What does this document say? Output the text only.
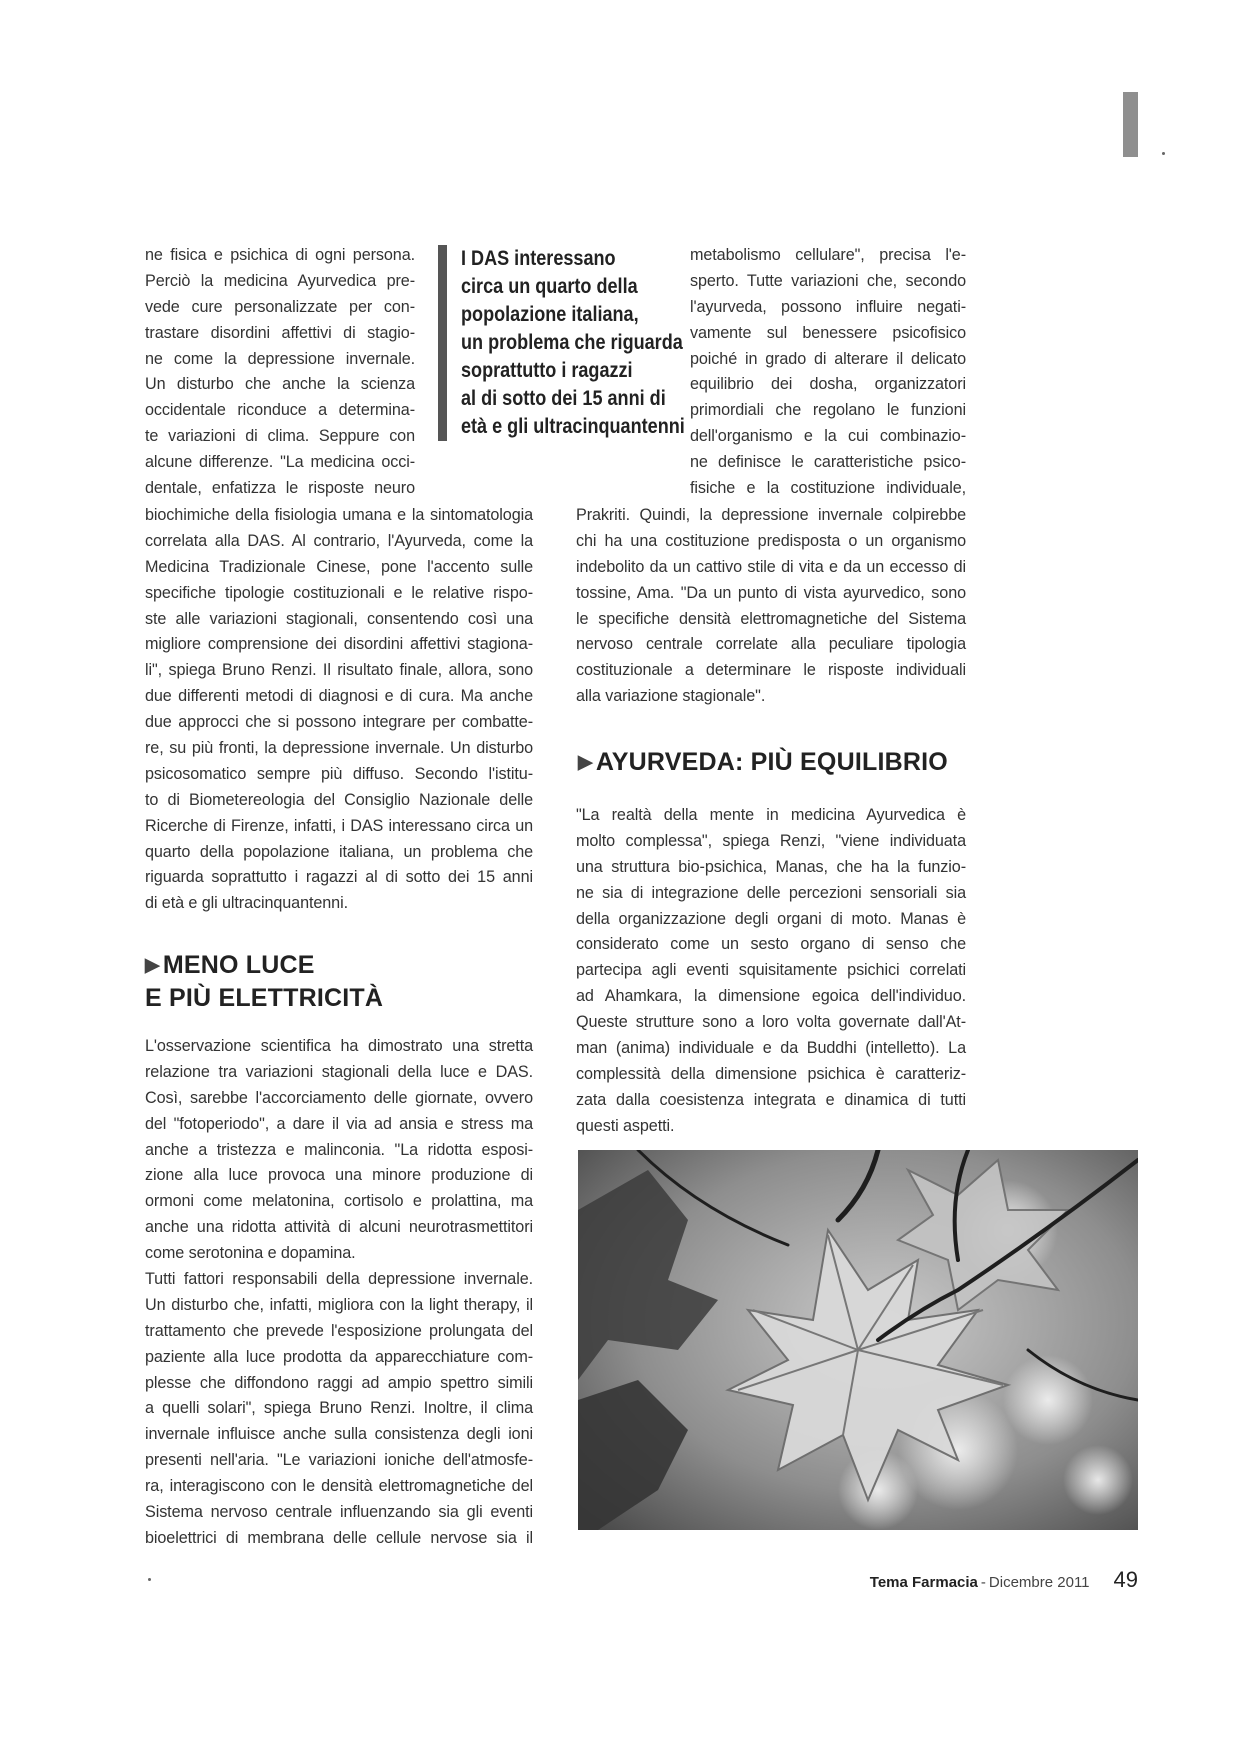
ne fisica e psichica di ogni persona.
Perciò la medicina Ayurvedica pre-
vede cure personalizzate per con-
trastare disordini affettivi di stagio-
ne come la depressione invernale.
Un disturbo che anche la scienza
occidentale riconduce a determina-
te variazioni di clima. Seppure con
alcune differenze. "La medicina occi-
dentale, enfatizza le risposte neuro
I DAS interessano
circa un quarto della
popolazione italiana,
un problema che riguarda
soprattutto i ragazzi
al di sotto dei 15 anni di
età e gli ultracinquantenni
metabolismo cellulare", precisa l'e-
sperto. Tutte variazioni che, secondo
l'ayurveda, possono influire negati-
vamente sul benessere psicofisico
poiché in grado di alterare il delicato
equilibrio dei dosha, organizzatori
primordiali che regolano le funzioni
dell'organismo e la cui combinazio-
ne definisce le caratteristiche psico-
fisiche e la costituzione individuale,
biochimiche della fisiologia umana e la sintomatologia
correlata alla DAS. Al contrario, l'Ayurveda, come la
Medicina Tradizionale Cinese, pone l'accento sulle
specifiche tipologie costituzionali e le relative rispo-
ste alle variazioni stagionali, consentendo così una
migliore comprensione dei disordini affettivi stagiona-
li", spiega Bruno Renzi. Il risultato finale, allora, sono
due differenti metodi di diagnosi e di cura. Ma anche
due approcci che si possono integrare per combatte-
re, su più fronti, la depressione invernale. Un disturbo
psicosomatico sempre più diffuso. Secondo l'istitu-
to di Biometereologia del Consiglio Nazionale delle
Ricerche di Firenze, infatti, i DAS interessano circa un
quarto della popolazione italiana, un problema che
riguarda soprattutto i ragazzi al di sotto dei 15 anni
di età e gli ultracinquantenni.
Prakriti. Quindi, la depressione invernale colpirebbe
chi ha una costituzione predisposta o un organismo
indebolito da un cattivo stile di vita e da un eccesso di
tossine, Ama. "Da un punto di vista ayurvedico, sono
le specifiche densità elettromagnetiche del Sistema
nervoso centrale correlate alla peculiare tipologia
costituzionale a determinare le risposte individuali
alla variazione stagionale".
▶ AYURVEDA: PIÙ EQUILIBRIO
"La realtà della mente in medicina Ayurvedica è
molto complessa", spiega Renzi, "viene individuata
una struttura bio-psichica, Manas, che ha la funzio-
ne sia di integrazione delle percezioni sensoriali sia
della organizzazione degli organi di moto. Manas è
considerato come un sesto organo di senso che
partecipa agli eventi squisitamente psichici correlati
ad Ahamkara, la dimensione egoica dell'individuo.
Queste strutture sono a loro volta governate dall'At-
man (anima) individuale e da Buddhi (intelletto). La
complessità della dimensione psichica è caratteriz-
zata dalla coesistenza integrata e dinamica di tutti
questi aspetti.
▶ MENO LUCE
E PIÙ ELETTRICITÀ
L'osservazione scientifica ha dimostrato una stretta
relazione tra variazioni stagionali della luce e DAS.
Così, sarebbe l'accorciamento delle giornate, ovvero
del "fotoperiodo", a dare il via ad ansia e stress ma
anche a tristezza e malinconia. "La ridotta esposi-
zione alla luce provoca una minore produzione di
ormoni come melatonina, cortisolo e prolattina, ma
anche una ridotta attività di alcuni neurotrasmettitori
come serotonina e dopamina.
Tutti fattori responsabili della depressione invernale.
Un disturbo che, infatti, migliora con la light therapy, il
trattamento che prevede l'esposizione prolungata del
paziente alla luce prodotta da apparecchiature com-
plesse che diffondono raggi ad ampio spettro simili
a quelli solari", spiega Bruno Renzi. Inoltre, il clima
invernale influisce anche sulla consistenza degli ioni
presenti nell'aria. "Le variazioni ioniche dell'atmosfe-
ra, interagiscono con le densità elettromagnetiche del
Sistema nervoso centrale influenzando sia gli eventi
bioelettrici di membrana delle cellule nervose sia il
Tema Farmacia - Dicembre 2011 49
